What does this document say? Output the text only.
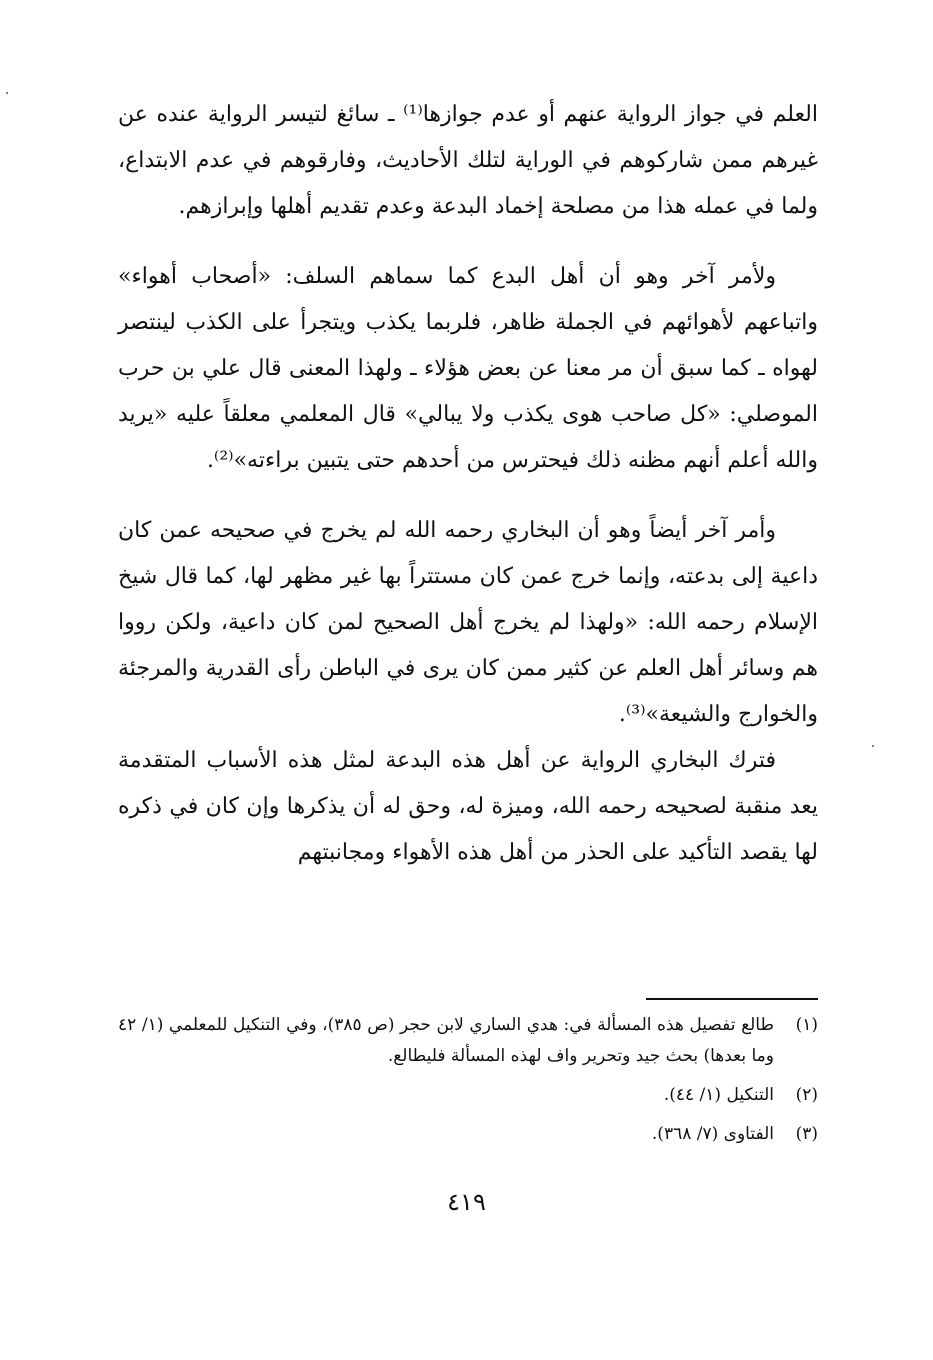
العلم في جواز الرواية عنهم أو عدم جوازها⁽¹⁾ ـ سائغ لتيسر الرواية عنده عن غيرهم ممن شاركوهم في الوراية لتلك الأحاديث، وفارقوهم في عدم الابتداع، ولما في عمله هذا من مصلحة إخماد البدعة وعدم تقديم أهلها وإبرازهم.

ولأمر آخر وهو أن أهل البدع كما سماهم السلف: «أصحاب أهواء» واتباعهم لأهوائهم في الجملة ظاهر، فلربما يكذب ويتجرأ على الكذب لينتصر لهواه ـ كما سبق أن مر معنا عن بعض هؤلاء ـ ولهذا المعنى قال علي بن حرب الموصلي: «كل صاحب هوى يكذب ولا يبالي» قال المعلمي معلقاً عليه «يريد والله أعلم أنهم مظنه ذلك فيحترس من أحدهم حتى يتبين براءته»⁽²⁾.

وأمر آخر أيضاً وهو أن البخاري رحمه الله لم يخرج في صحيحه عمن كان داعية إلى بدعته، وإنما خرج عمن كان مستتراً بها غير مظهر لها، كما قال شيخ الإسلام رحمه الله: «ولهذا لم يخرج أهل الصحيح لمن كان داعية، ولكن رووا هم وسائر أهل العلم عن كثير ممن كان يرى في الباطن رأى القدرية والمرجئة والخوارج والشيعة»⁽³⁾.

فترك البخاري الرواية عن أهل هذه البدعة لمثل هذه الأسباب المتقدمة يعد منقبة لصحيحه رحمه الله، وميزة له، وحق له أن يذكرها وإن كان في ذكره لها يقصد التأكيد على الحذر من أهل هذه الأهواء ومجانبتهم

(١)
طالع تفصيل هذه المسألة في: هدي الساري لابن حجر (ص ٣٨٥)، وفي التنكيل للمعلمي (١/ ٤٢ وما بعدها) بحث جيد وتحرير واف لهذه المسألة فليطالع.
(٢)
التنكيل (١/ ٤٤).
(٣)
الفتاوى (٧/ ٣٦٨).
٤١٩
